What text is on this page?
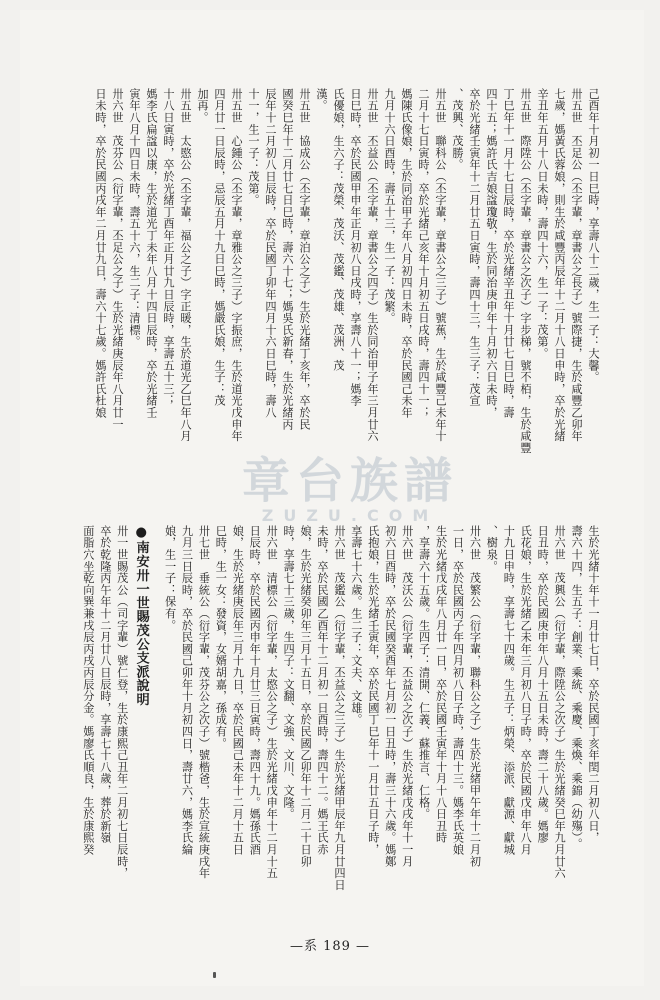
己酉年十月初一日巳時，享壽八十二歲，生一子：大馨。
卅五世　丕足公（丕字輩，章書公之長子）號際捷，生於咸豐乙卯年
七歲，媽黃氏蓉娘，則生於咸豐丙辰年十二月十八日申時，卒於光緒
辛丑年五月十八日未時，壽四十六，生一子：茂第。
卅五世　際陞公（丕字輩，章書公之次子）字步梯，號不栢，生於咸豐
丁巳年十一月十七日辰時，卒於光緒辛丑年十月廿七日巳時，壽
四十五；媽許氏吉娘諡瓊敬，生於同治庚申年十月初六日未時，
卒於光緒壬寅年十二月廿五日寅時，壽四十三，生三子：茂宣
、茂興、茂勝。
卅五世　聯科公（丕字輩，章書公之三子）號蕉，生於咸豐己未年十
二月十七日寅時，卒於光緒己亥年十月初五日戌時，壽四十一；
媽陳氏像娘，生於同治甲子年八月初四日未時，卒於民國己未年
九月十六日酉時，壽五十三，生一子：茂繁。
卅五世　丕益公（丕字輩，章書公之四子）生於同治甲子年三月廿六
日巳時，卒於民國甲申年正月初八日戌時，享壽八十一；媽李
氏優娘，生六子：茂榮、茂沃、茂鑑、茂雄、茂洲、茂
漢。
卅五世　協成公（丕字輩，章泊公之子）生於光緒丁亥年，卒於民
國癸巳年十二月廿七日巳時，壽六十七；媽吳氏新春，生於光緒丙
辰年十二月初八日辰時，卒於民國丁卯年四月十六日巳時，壽八
十一，生一子：茂第。
卅五世　心鍾公（丕字輩，章雅公之三子）字振庶，生於道光戊申年
四月廿一日辰時，忌辰五月十九日巳時，媽嚴氏娘，生子：茂
加再。
卅五世　太愍公（丕字輩，福公之子）字正暖，生於道光乙巳年八月
十八日寅時，卒於光緒丁酉年正月廿九日辰時，享壽五十三；
媽李氏扁諡以康，生於道光丁未年八月十四日辰時，卒於光緒壬
寅年八月十四日未時，壽五十六，生二子：清標。
卅六世　茂芬公（衍字輩，丕足公之子）生於光緒庚辰年八月廿一
日未時，卒於民國丙戌年二月廿九日，壽六十七歲。媽許氏杜娘
生於光緒十年十一月廿七日，卒於民國丁亥年閏二月初八日，
壽六十四，生五子：創業、乘統、乘慶、乘煥、乘錦（幼殤）。
卅六世　茂興公（衍字輩，際陞公之次子）生於光緒癸巳年九月廿六
日丑時，卒於民國庚申年八月十五日未時，壽二十八歲。媽廖
氏花娘，生於光緒乙未年三月初八日子時，卒於民國戊申年八月
十九日申時，享壽七十四歲。生五子：炳榮、添派、獻源、獻城
、樹泉。
卅六世　茂繁公（衍字輩，聯科公之子）生於光緒甲午年十二月初
一日，卒於民國丙子年四月初八日子時，壽四十三。媽李氏英娘
生於光緒戊戌年八月廿一日，卒於民國壬寅年十月十八日丑時
，享壽六十五歲。生四子：清開、仁義、蘇推言、仁格。
卅六世　茂沃公（衍字輩，丕益公之次子）生於光緒戊戌年十一月
初六日酉時，卒於民國癸酉年七月初一日丑時，壽三十六歲。媽鄭
氏抱娘，生於光緒壬寅年，卒於民國丁巳年十一月廿五日子時，
享壽七十六歲。生二子：文夫、文雄。
卅六世　茂鑑公（衍字輩，丕益公之三子）生於光緒甲辰年九月廿四日
未時，卒於民國乙酉年十二月初一日酉時，壽四十二。媽王氏赤
娘，生於光緒癸卯年三月十五日，卒於民國乙卯年十二月二十日卯
時，享壽七十三歲，生四子：文翻、文強、文川、文隆。
卅六世　清標公（衍字輩，太愍公之子）生於光緒戊申年十二月十五
日辰時，卒於民國丙申年十月廿三日寅時，壽四十九。媽孫氏酒
娘，生於光緒庚辰年三月十九日，卒於民國己未年十二月十五日
巳時，生一女：發資，女婿胡嘉，孫成有。
卅七世　垂統公（衍字輩，茂芬公之次子）號楷爸，生於宣統庚戌年
九月三日辰時，卒於民國己卯年十月初四日，壽廿六，媽李氏綸
娘，生一子：保有。
●南安卅一世賜茂公支派說明
卅一世賜茂公（司字輩）號仁登，生於康熙己丑年二月初七日辰時，
卒於乾隆丙午年十二月廿八日辰時，享壽七十八歲，葬於新嶺
面脂穴坐乾向巽兼戌辰丙戌丙辰分金。媽廖氏順良，生於康熙癸
章台族譜
ZUZU.COM
—系 189 —
